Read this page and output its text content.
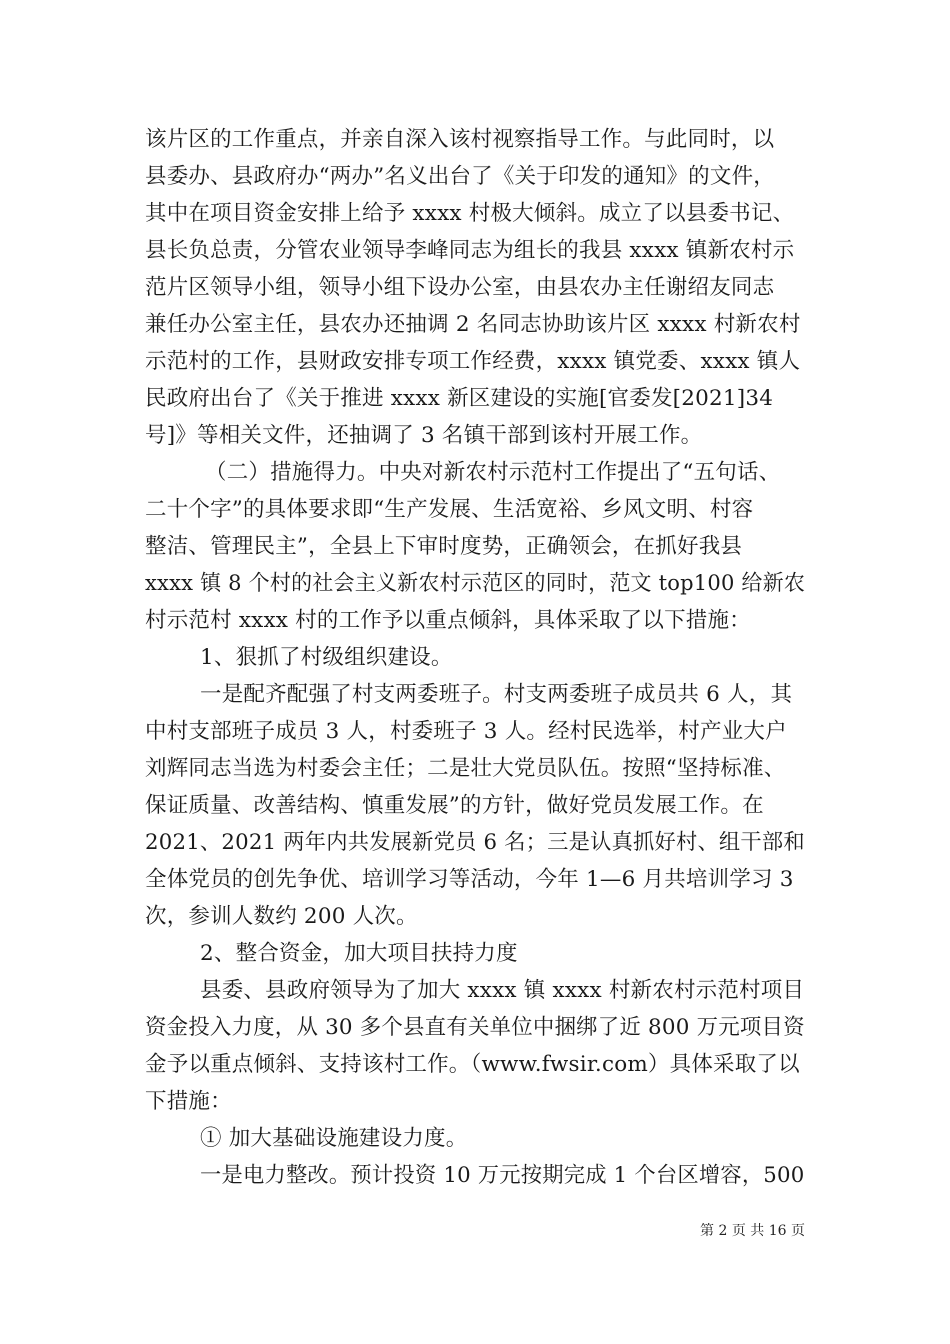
该片区的工作重点，并亲自深入该村视察指导工作。与此同时，以
县委办、县政府办“两办”名义出台了《关于印发的通知》的文件，
其中在项目资金安排上给予 xxxx 村极大倾斜。成立了以县委书记、
县长负总责，分管农业领导李峰同志为组长的我县 xxxx 镇新农村示
范片区领导小组，领导小组下设办公室，由县农办主任谢绍友同志
兼任办公室主任，县农办还抽调 2 名同志协助该片区 xxxx 村新农村
示范村的工作，县财政安排专项工作经费，xxxx 镇党委、xxxx 镇人
民政府出台了《关于推进 xxxx 新区建设的实施[官委发[2021]34
号]》等相关文件，还抽调了 3 名镇干部到该村开展工作。
（二）措施得力。中央对新农村示范村工作提出了“五句话、
二十个字”的具体要求即“生产发展、生活宽裕、乡风文明、村容
整洁、管理民主”，全县上下审时度势，正确领会，在抓好我县
xxxx 镇 8 个村的社会主义新农村示范区的同时，范文 top100 给新农
村示范村 xxxx 村的工作予以重点倾斜，具体采取了以下措施：
1、狠抓了村级组织建设。
一是配齐配强了村支两委班子。村支两委班子成员共 6 人，其
中村支部班子成员 3 人，村委班子 3 人。经村民选举，村产业大户
刘辉同志当选为村委会主任；二是壮大党员队伍。按照“坚持标准、
保证质量、改善结构、慎重发展”的方针，做好党员发展工作。在
2021、2021 两年内共发展新党员 6 名；三是认真抓好村、组干部和
全体党员的创先争优、培训学习等活动，今年 1—6 月共培训学习 3
次，参训人数约 200 人次。
2、整合资金，加大项目扶持力度
县委、县政府领导为了加大 xxxx 镇 xxxx 村新农村示范村项目
资金投入力度，从 30 多个县直有关单位中捆绑了近 800 万元项目资
金予以重点倾斜、支持该村工作。（www.fwsir.com）具体采取了以
下措施：
① 加大基础设施建设力度。
一是电力整改。预计投资 10 万元按期完成 1 个台区增容，500
第 2 页 共 16 页
